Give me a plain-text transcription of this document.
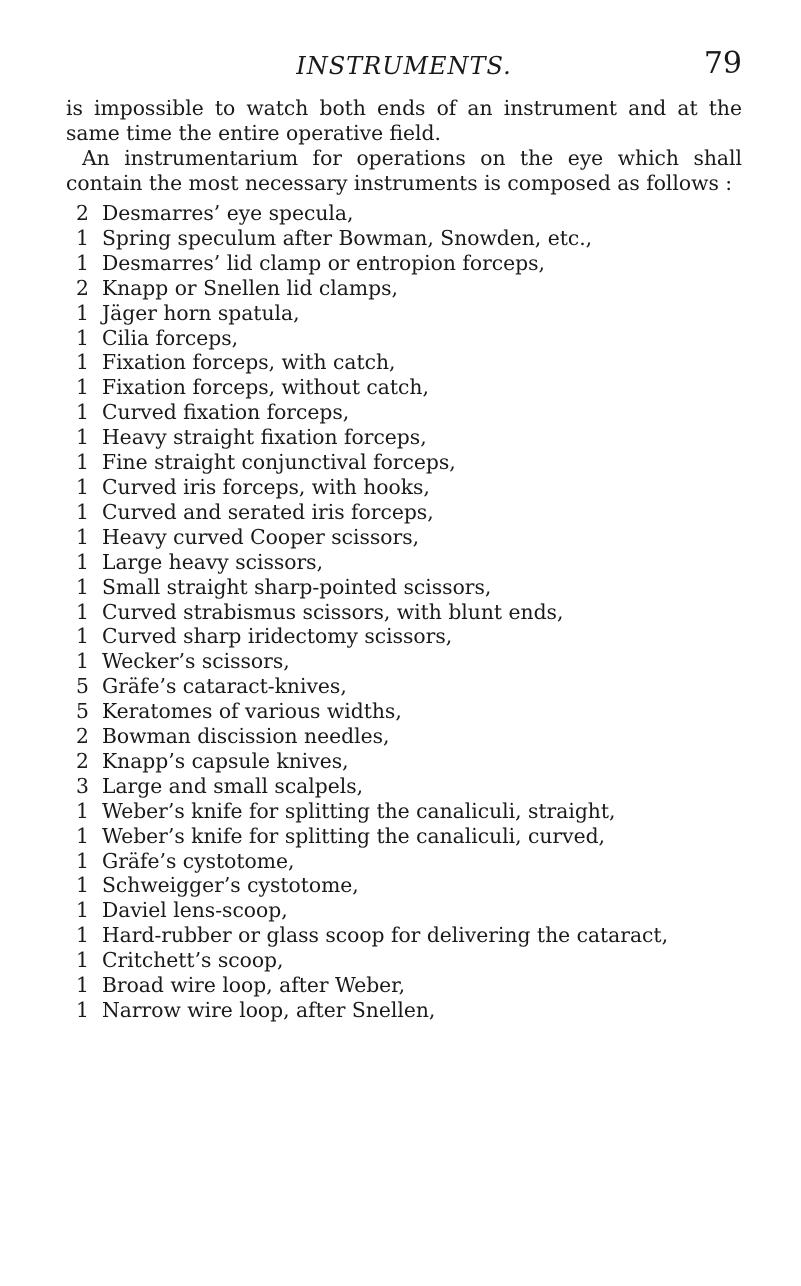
INSTRUMENTS.	79

is impossible to watch both ends of an instrument and at the same time the entire operative field.

An instrumentarium for operations on the eye which shall contain the most necessary instruments is composed as follows :

2 Desmarres’ eye specula,
1 Spring speculum after Bowman, Snowden, etc.,
1 Desmarres’ lid clamp or entropion forceps,
2 Knapp or Snellen lid clamps,
1 Jäger horn spatula,
1 Cilia forceps,
1 Fixation forceps, with catch,
1 Fixation forceps, without catch,
1 Curved fixation forceps,
1 Heavy straight fixation forceps,
1 Fine straight conjunctival forceps,
1 Curved iris forceps, with hooks,
1 Curved and serated iris forceps,
1 Heavy curved Cooper scissors,
1 Large heavy scissors,
1 Small straight sharp-pointed scissors,
1 Curved strabismus scissors, with blunt ends,
1 Curved sharp iridectomy scissors,
1 Wecker’s scissors,
5 Gräfe’s cataract-knives,
5 Keratomes of various widths,
2 Bowman discission needles,
2 Knapp’s capsule knives,
3 Large and small scalpels,
1 Weber’s knife for splitting the canaliculi, straight,
1 Weber’s knife for splitting the canaliculi, curved,
1 Gräfe’s cystotome,
1 Schweigger’s cystotome,
1 Daviel lens-scoop,
1 Hard-rubber or glass scoop for delivering the cataract,
1 Critchett’s scoop,
1 Broad wire loop, after Weber,
1 Narrow wire loop, after Snellen,
